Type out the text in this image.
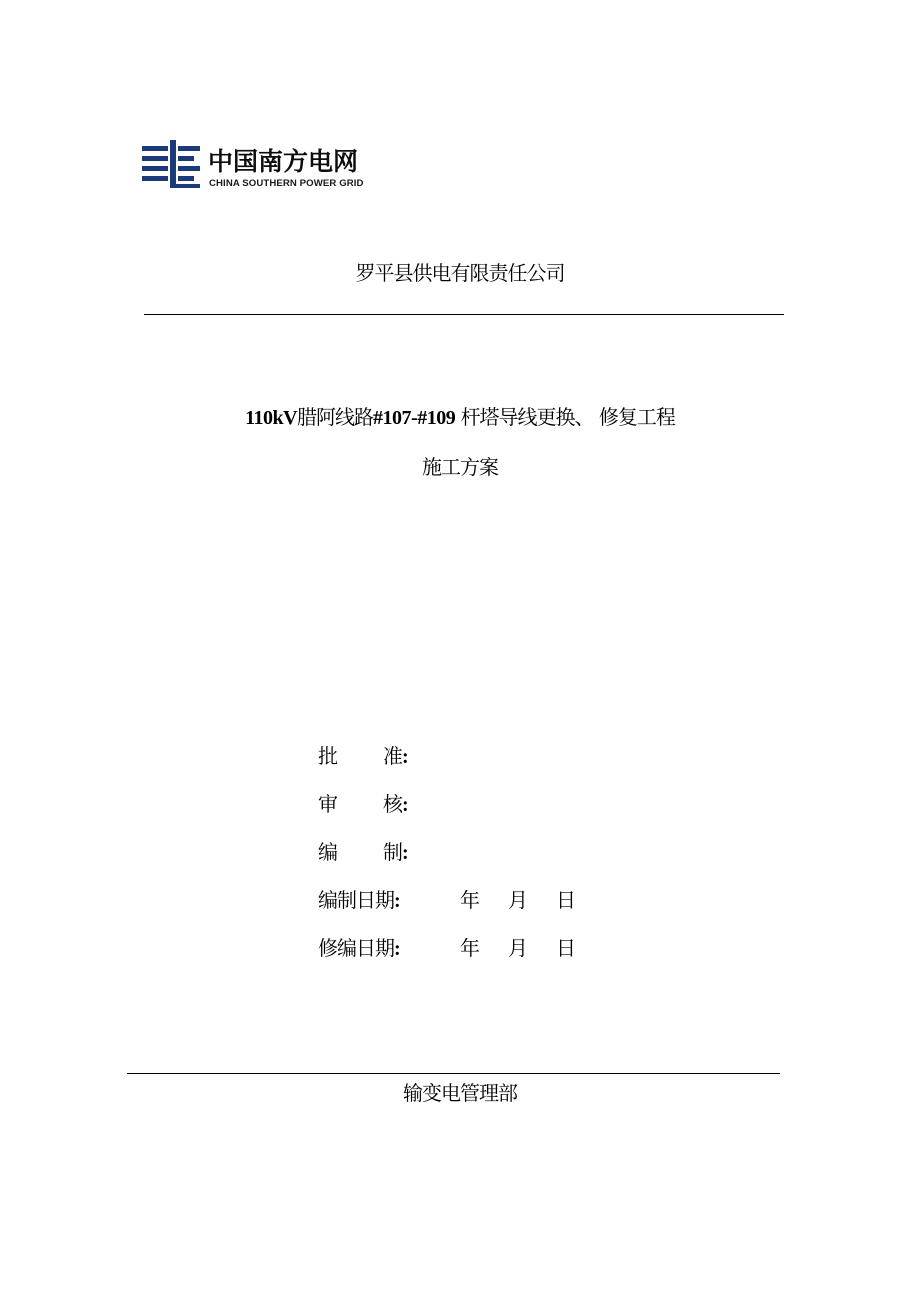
中国南方电网
CHINA SOUTHERN POWER GRID
罗平县供电有限责任公司
110kV腊阿线路#107-#109 杆塔导线更换、 修复工程
施工方案
批 准:
审 核:
编 制:
编制日期:	年 月 日
修编日期:	年 月 日
输变电管理部
